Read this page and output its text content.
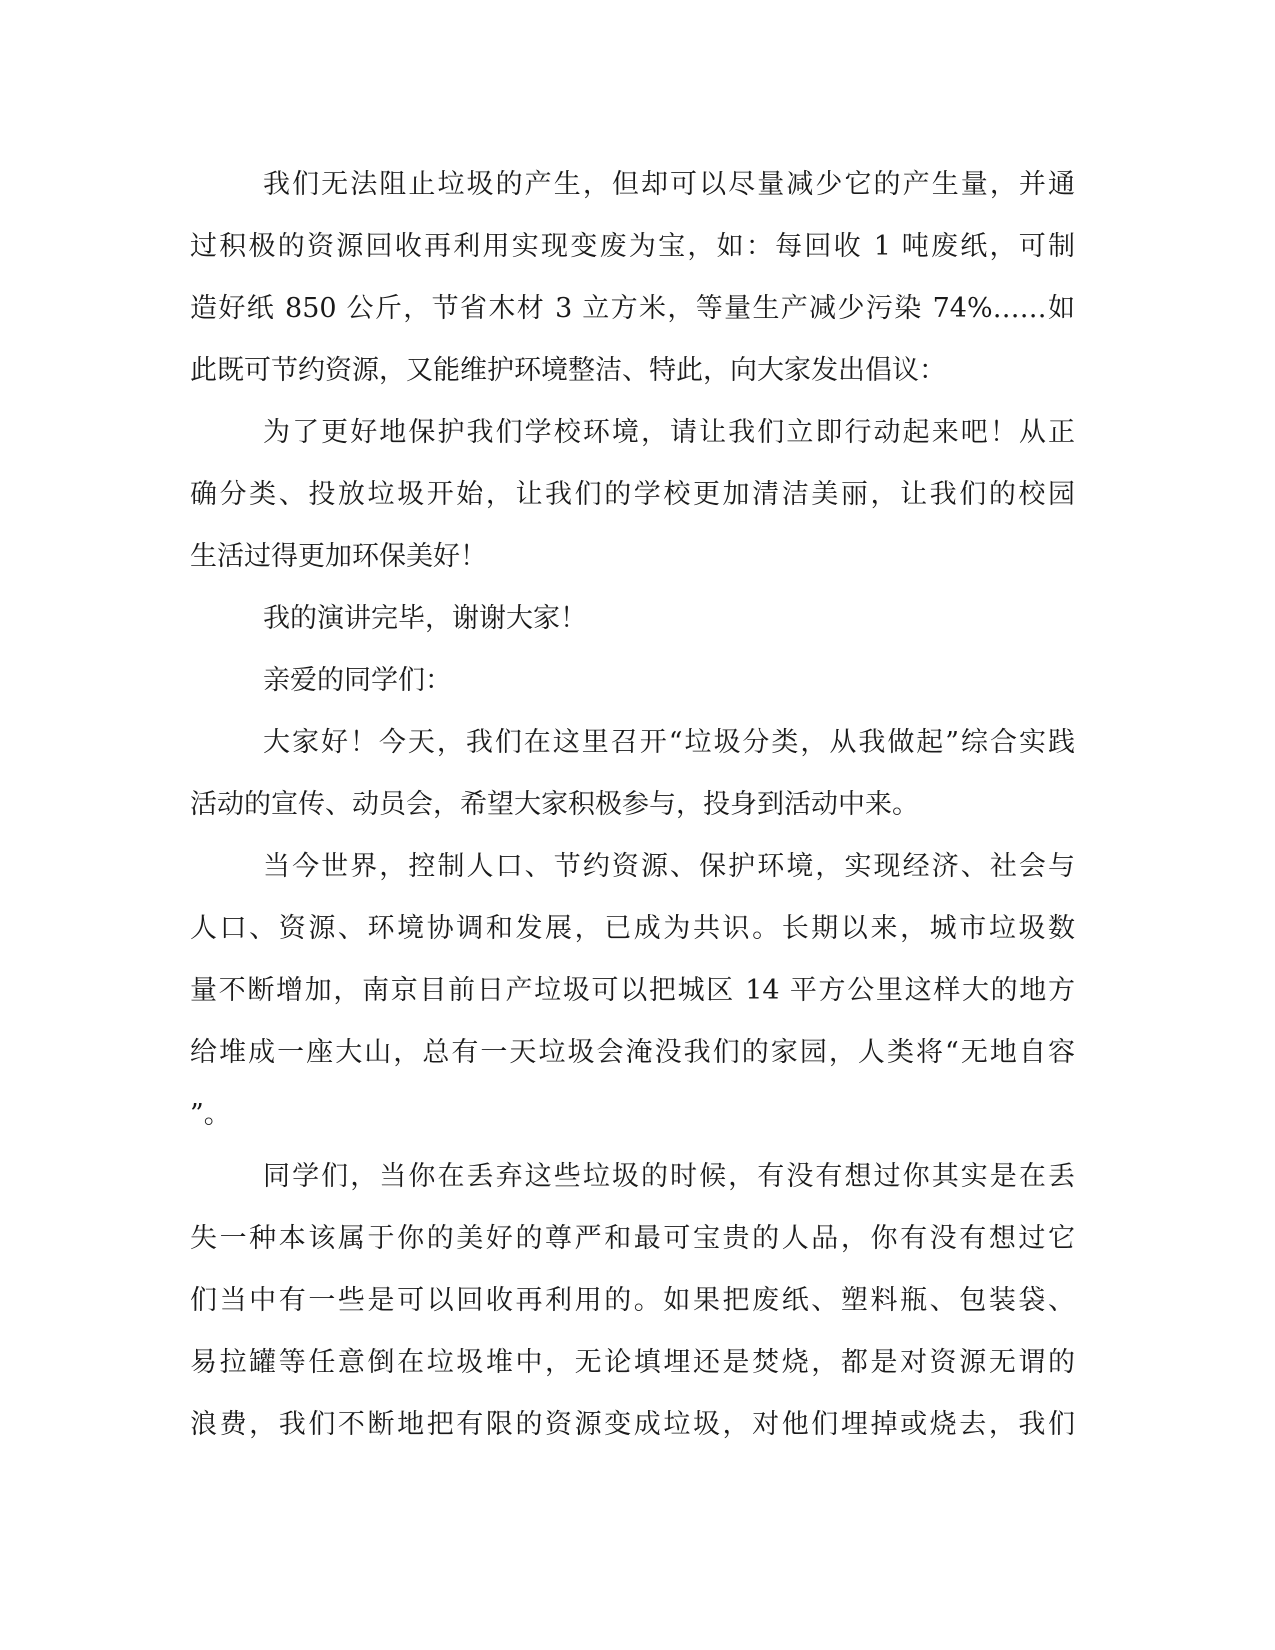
我们无法阻止垃圾的产生，但却可以尽量减少它的产生量，并通
过积极的资源回收再利用实现变废为宝，如：每回收 1 吨废纸，可制
造好纸 850 公斤，节省木材 3 立方米，等量生产减少污染 74%……如
此既可节约资源，又能维护环境整洁、特此，向大家发出倡议：
为了更好地保护我们学校环境，请让我们立即行动起来吧！从正
确分类、投放垃圾开始，让我们的学校更加清洁美丽，让我们的校园
生活过得更加环保美好！
我的演讲完毕，谢谢大家！
亲爱的同学们：
大家好！今天，我们在这里召开“垃圾分类，从我做起”综合实践
活动的宣传、动员会，希望大家积极参与，投身到活动中来。
当今世界，控制人口、节约资源、保护环境，实现经济、社会与
人口、资源、环境协调和发展，已成为共识。长期以来，城市垃圾数
量不断增加，南京目前日产垃圾可以把城区 14 平方公里这样大的地方
给堆成一座大山，总有一天垃圾会淹没我们的家园，人类将“无地自容
”。
同学们，当你在丢弃这些垃圾的时候，有没有想过你其实是在丢
失一种本该属于你的美好的尊严和最可宝贵的人品，你有没有想过它
们当中有一些是可以回收再利用的。如果把废纸、塑料瓶、包装袋、
易拉罐等任意倒在垃圾堆中，无论填埋还是焚烧，都是对资源无谓的
浪费，我们不断地把有限的资源变成垃圾，对他们埋掉或烧去，我们
